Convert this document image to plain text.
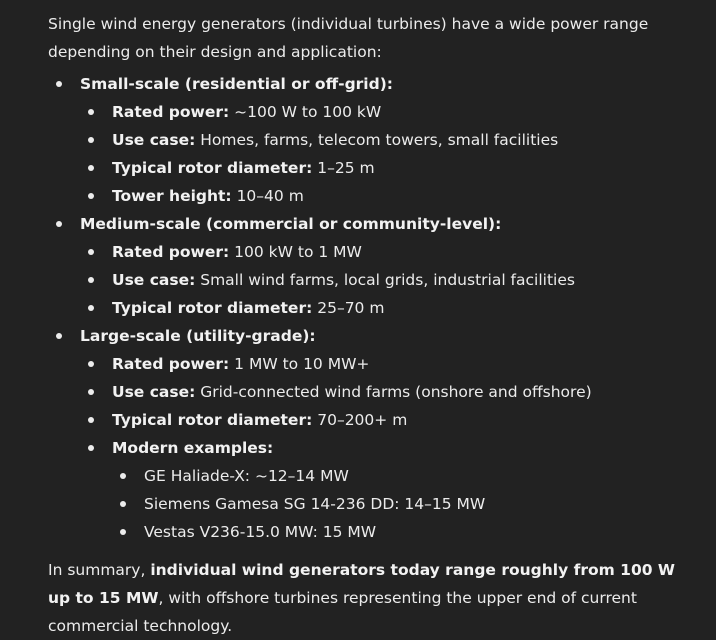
Single wind energy generators (individual turbines) have a wide power range depending on their design and application:

Small-scale (residential or off-grid):
Rated power: ~100 W to 100 kW
Use case: Homes, farms, telecom towers, small facilities
Typical rotor diameter: 1–25 m
Tower height: 10–40 m
Medium-scale (commercial or community-level):
Rated power: 100 kW to 1 MW
Use case: Small wind farms, local grids, industrial facilities
Typical rotor diameter: 25–70 m
Large-scale (utility-grade):
Rated power: 1 MW to 10 MW+
Use case: Grid-connected wind farms (onshore and offshore)
Typical rotor diameter: 70–200+ m
Modern examples:
GE Haliade-X: ~12–14 MW
Siemens Gamesa SG 14-236 DD: 14–15 MW
Vestas V236-15.0 MW: 15 MW

In summary, individual wind generators today range roughly from 100 W up to 15 MW, with offshore turbines representing the upper end of current commercial technology.
